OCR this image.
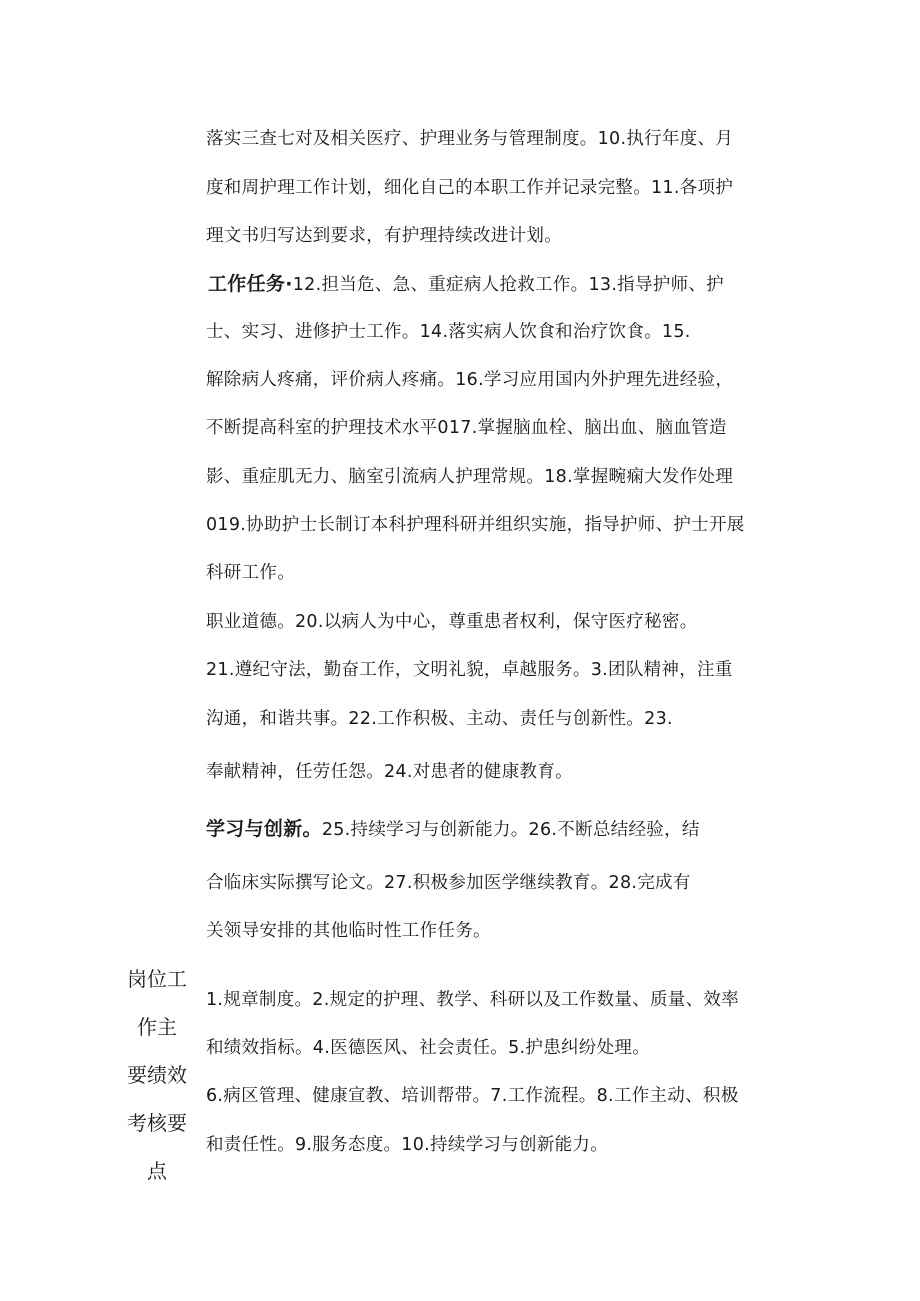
落实三查七对及相关医疗、护理业务与管理制度。10.执行年度、月
度和周护理工作计划，细化自己的本职工作并记录完整。11.各项护
理文书归写达到要求，有护理持续改进计划。
工作任务·12.担当危、急、重症病人抢救工作。13.指导护师、护
士、实习、进修护士工作。14.落实病人饮食和治疗饮食。15.
解除病人疼痛，评价病人疼痛。16.学习应用国内外护理先进经验，
不断提高科室的护理技术水平017.掌握脑血栓、脑出血、脑血管造
影、重症肌无力、脑室引流病人护理常规。18.掌握畹痫大发作处理
019.协助护士长制订本科护理科研并组织实施，指导护师、护士开展
科研工作。
职业道德。20.以病人为中心，尊重患者权利，保守医疗秘密。
21.遵纪守法，勤奋工作，文明礼貌，卓越服务。3.团队精神，注重
沟通，和谐共事。22.工作积极、主动、责任与创新性。23.
奉献精神，任劳任怨。24.对患者的健康教育。
学习与创新。25.持续学习与创新能力。26.不断总结经验，结
合临床实际撰写论文。27.积极参加医学继续教育。28.完成有
关领导安排的其他临时性工作任务。
岗位工
作主
要绩效
考核要
点
1.规章制度。2.规定的护理、教学、科研以及工作数量、质量、效率
和绩效指标。4.医德医风、社会责任。5.护患纠纷处理。
6.病区管理、健康宣教、培训帮带。7.工作流程。8.工作主动、积极
和责任性。9.服务态度。10.持续学习与创新能力。
